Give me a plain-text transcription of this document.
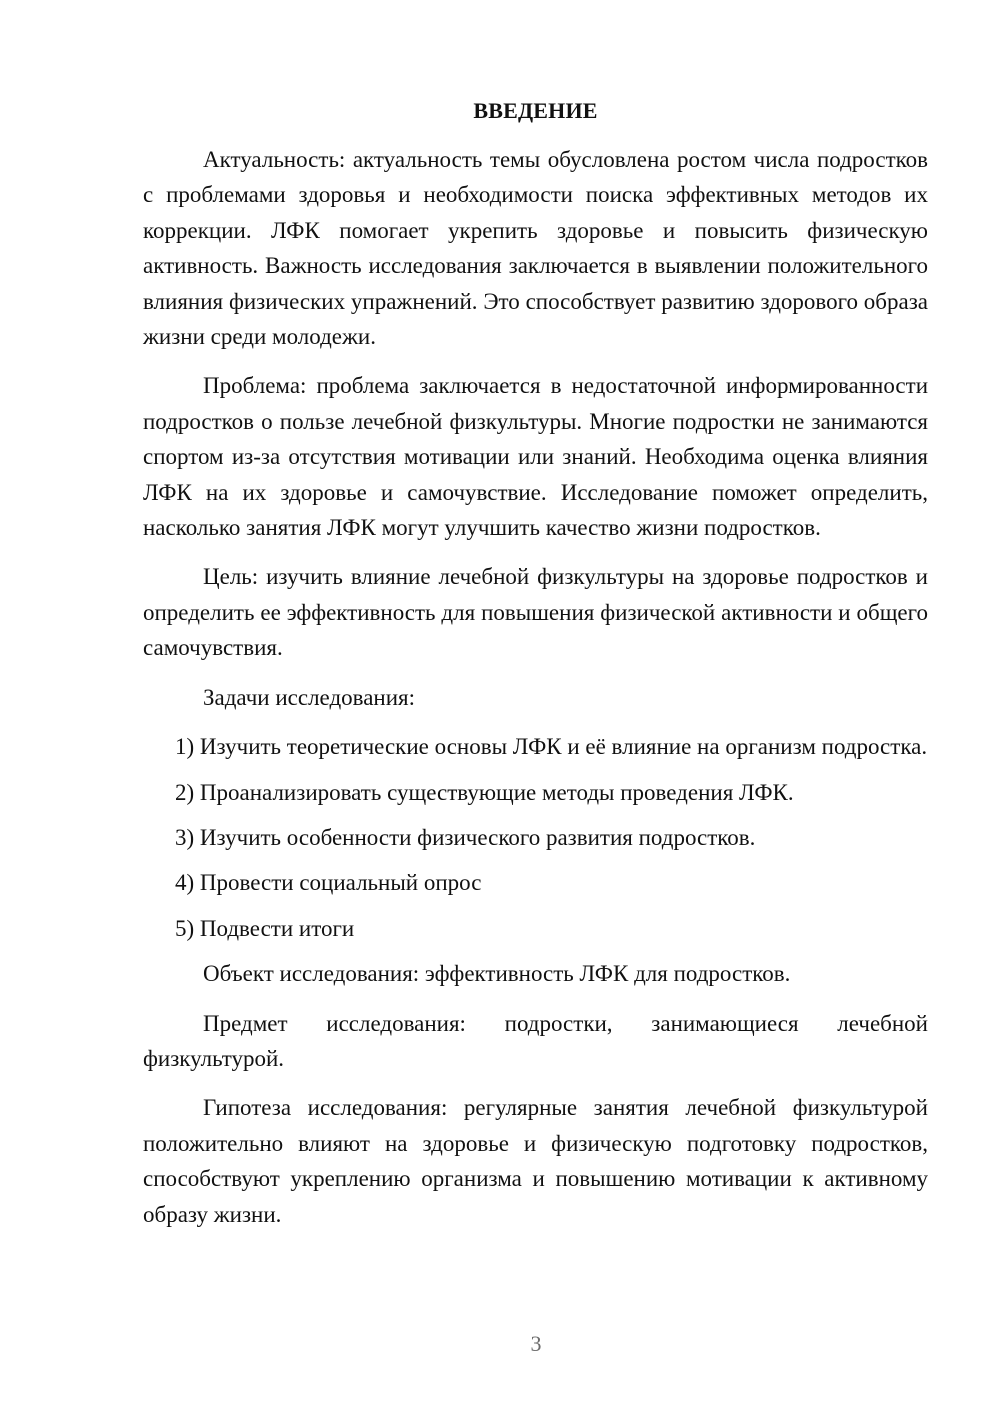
ВВЕДЕНИЕ

Актуальность: актуальность темы обусловлена ростом числа подростков с проблемами здоровья и необходимости поиска эффективных методов их коррекции. ЛФК помогает укрепить здоровье и повысить физическую активность. Важность исследования заключается в выявлении положительного влияния физических упражнений. Это способствует развитию здорового образа жизни среди молодежи.

Проблема: проблема заключается в недостаточной информированности подростков о пользе лечебной физкультуры. Многие подростки не занимаются спортом из-за отсутствия мотивации или знаний. Необходима оценка влияния ЛФК на их здоровье и самочувствие. Исследование поможет определить, насколько занятия ЛФК могут улучшить качество жизни подростков.

Цель: изучить влияние лечебной физкультуры на здоровье подростков и определить ее эффективность для повышения физической активности и общего самочувствия.

Задачи исследования:

1) Изучить теоретические основы ЛФК и её влияние на организм подростка.

2) Проанализировать существующие методы проведения ЛФК.

3) Изучить особенности физического развития подростков.

4) Провести социальный опрос

5) Подвести итоги

Объект исследования: эффективность ЛФК для подростков.

Предмет исследования: подростки, занимающиеся лечебной физкультурой.

Гипотеза исследования: регулярные занятия лечебной физкультурой положительно влияют на здоровье и физическую подготовку подростков, способствуют укреплению организма и повышению мотивации к активному образу жизни.

3
